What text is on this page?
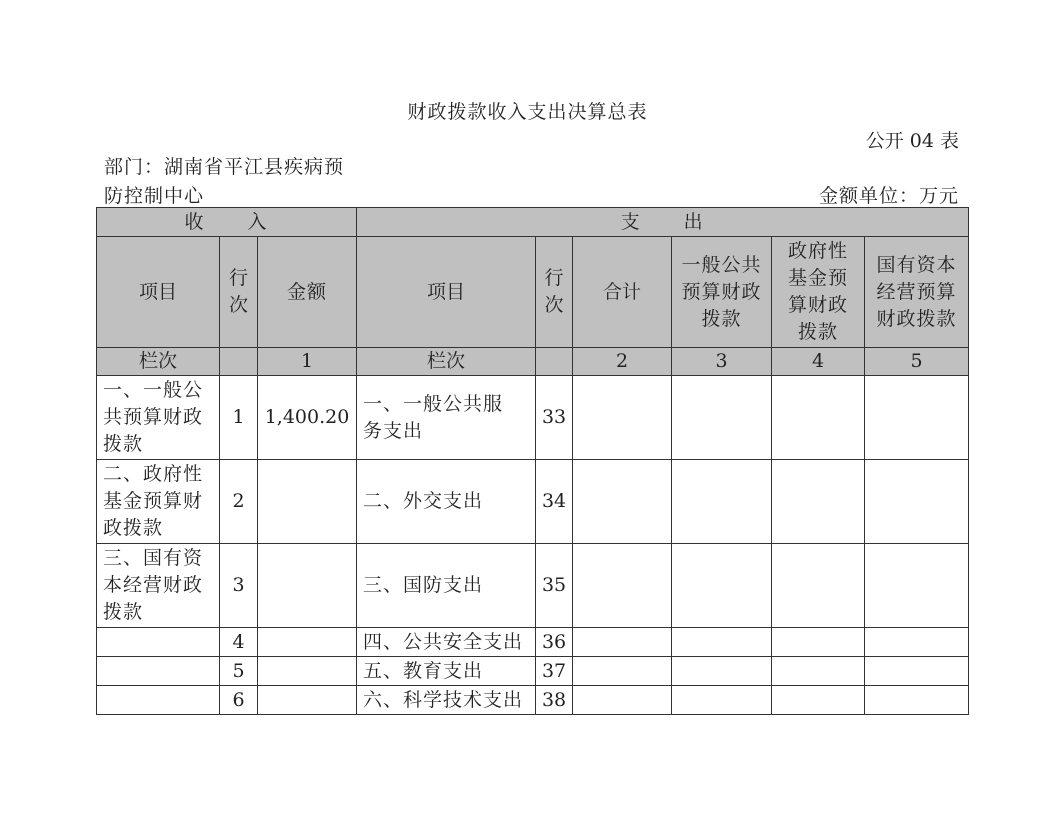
财政拨款收入支出决算总表
公开 04 表
部门：湖南省平江县疾病预
防控制中心	金额单位：万元
收　　入			支　　出					
项目	行次	金额	项目	行次	合计	一般公共预算财政拨款	政府性基金预算财政拨款	国有资本经营预算财政拨款

栏次		1	栏次		2	3	4	5

一、一般公共预算财政拨款	1	1,400.20	一、一般公共服务支出	33				

二、政府性基金预算财政拨款	2		二、外交支出	34				

三、国有资本经营财政拨款	3		三、国防支出	35				
	4		四、公共安全支出	36				
	5		五、教育支出	37				
	6		六、科学技术支出	38				
